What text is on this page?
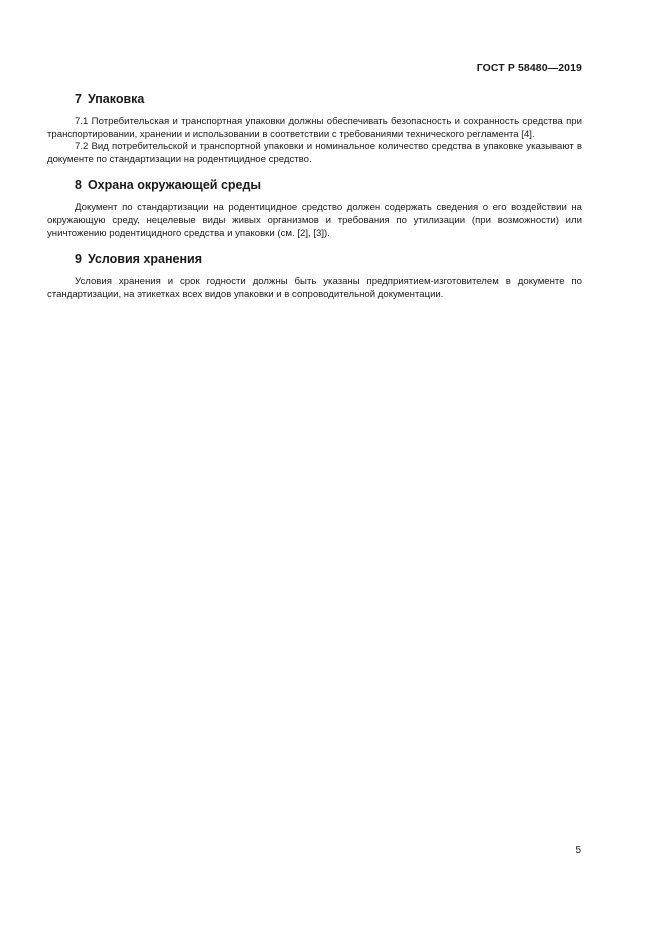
ГОСТ Р 58480—2019
7 Упаковка

7.1 Потребительская и транспортная упаковки должны обеспечивать безопасность и сохранность средства при транспортировании, хранении и использовании в соответствии с требованиями технического регламента [4].

7.2 Вид потребительской и транспортной упаковки и номинальное количество средства в упаковке указывают в документе по стандартизации на родентицидное средство.

8 Охрана окружающей среды

Документ по стандартизации на родентицидное средство должен содержать сведения о его воздействии на окружающую среду, нецелевые виды живых организмов и требования по утилизации (при возможности) или уничтожению родентицидного средства и упаковки (см. [2], [3]).

9 Условия хранения

Условия хранения и срок годности должны быть указаны предприятием-изготовителем в документе по стандартизации, на этикетках всех видов упаковки и в сопроводительной документации.

5
